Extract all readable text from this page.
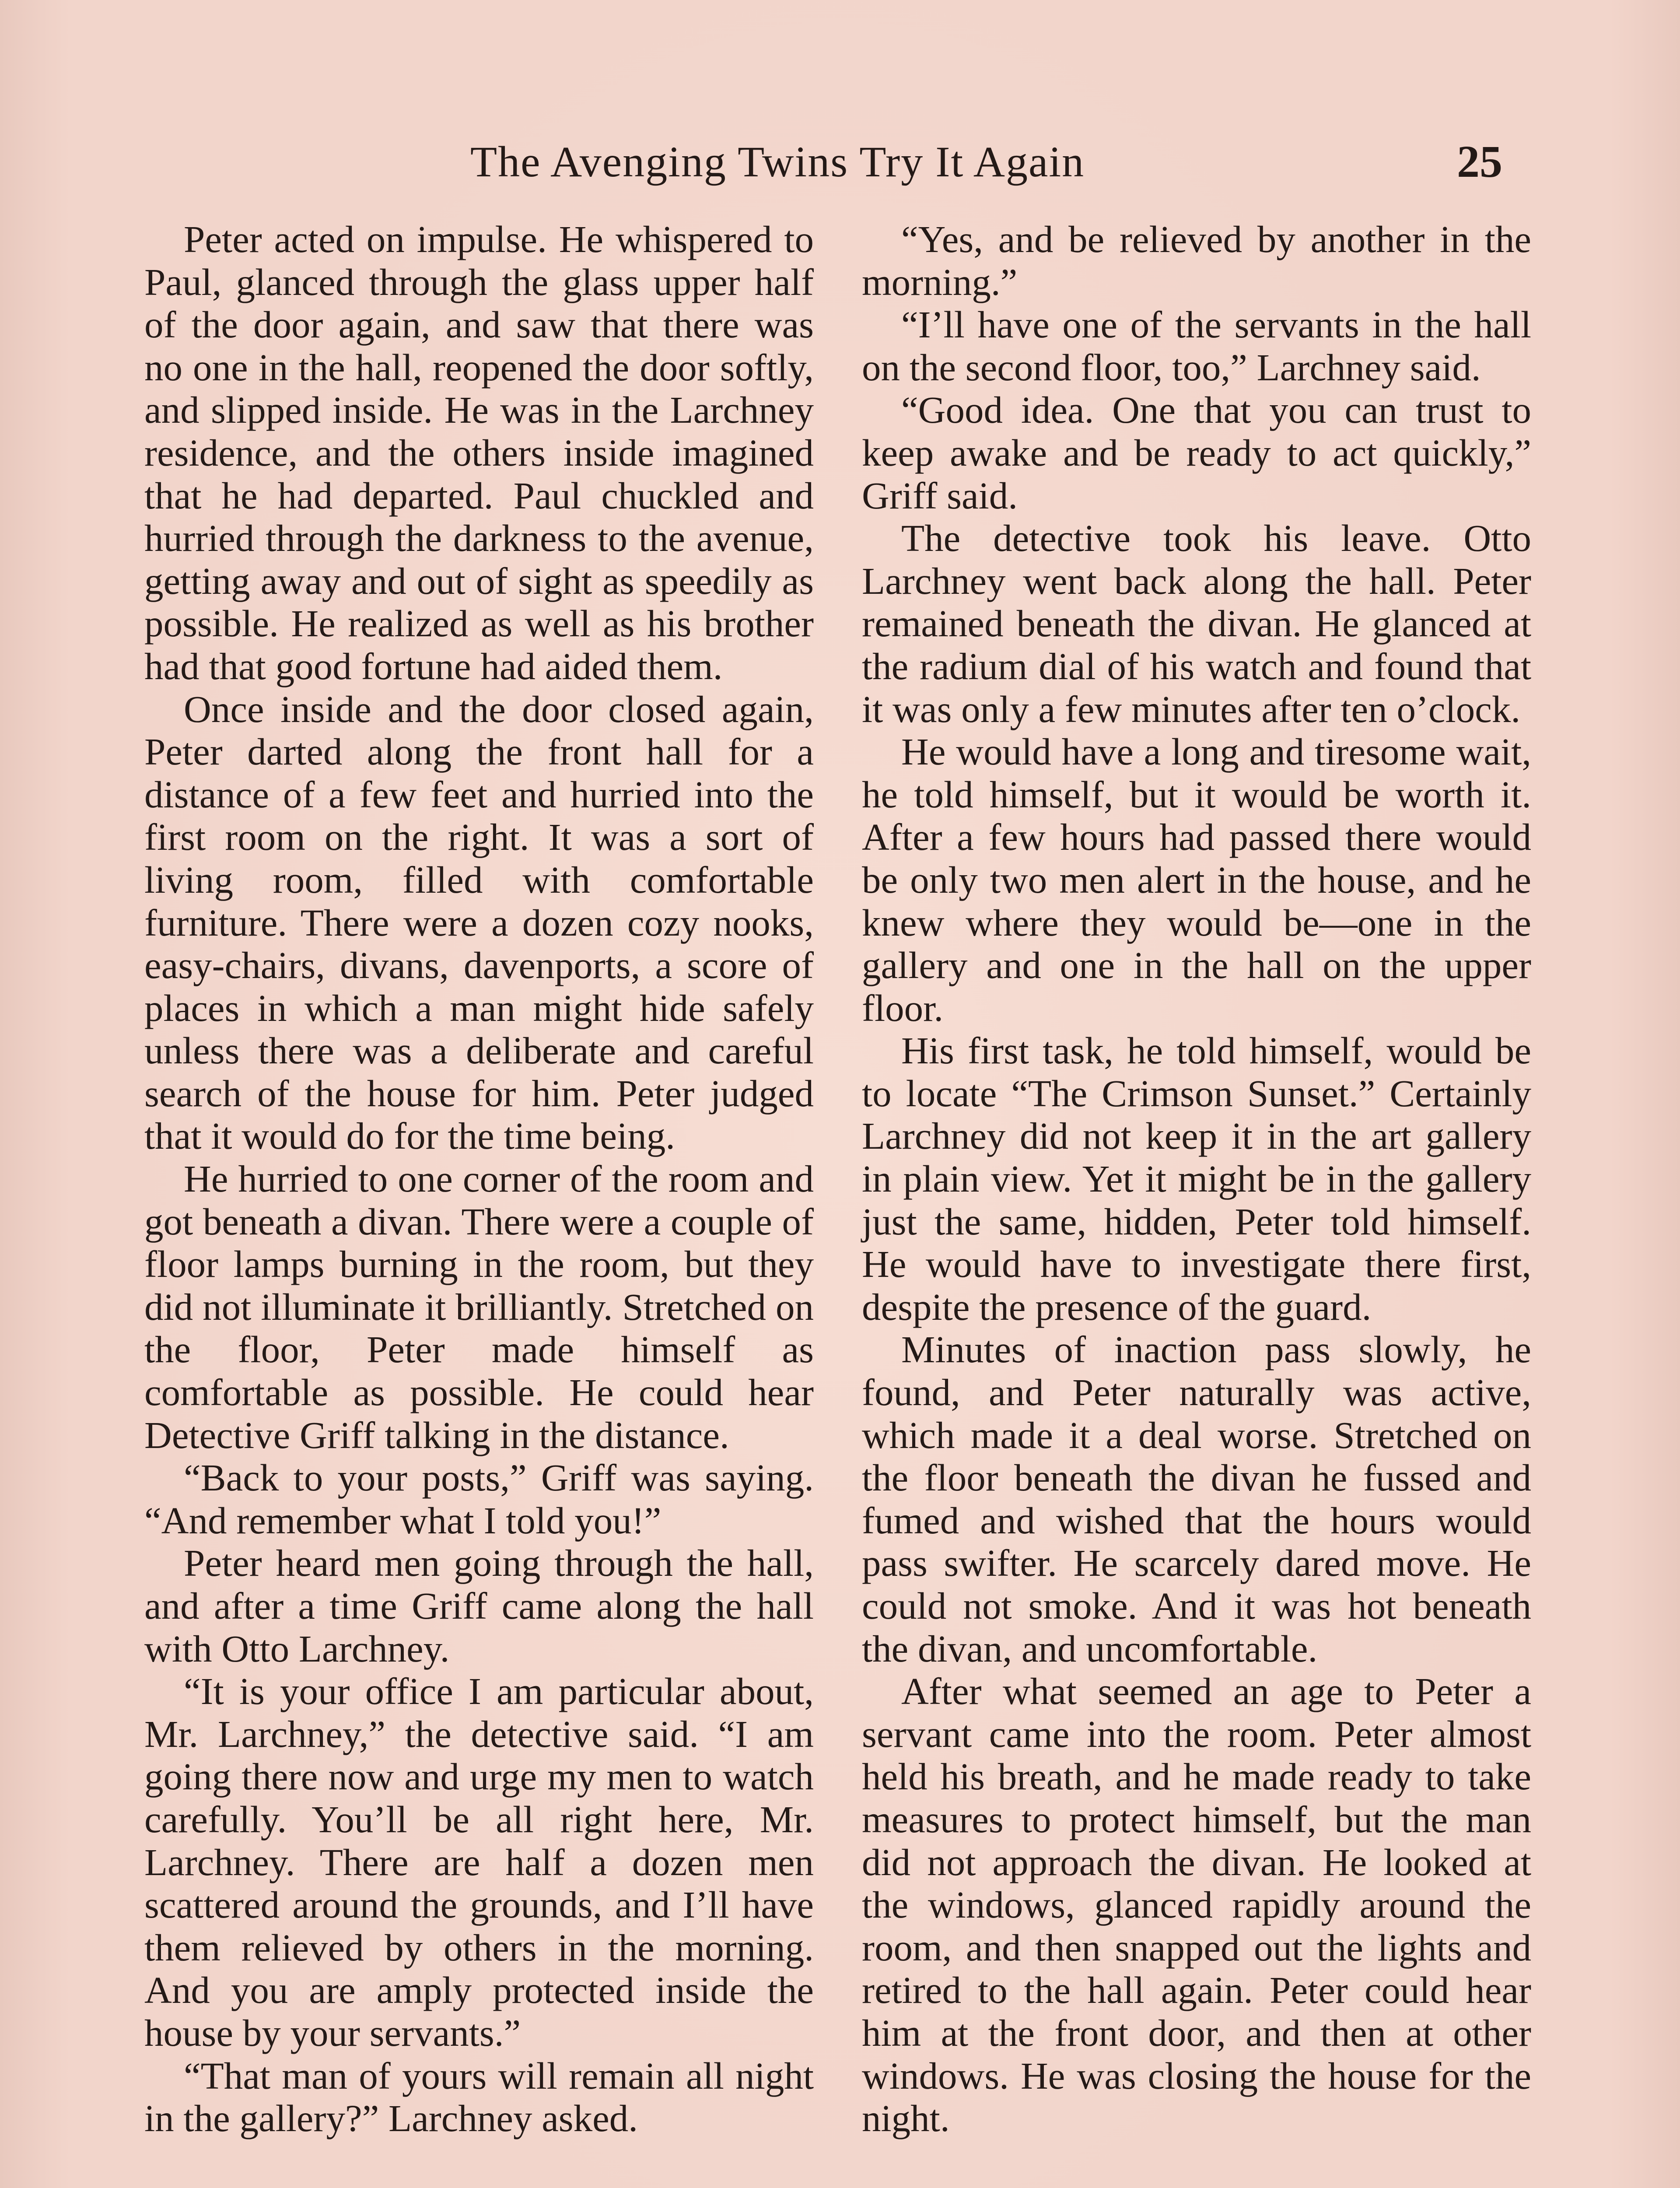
The Avenging Twins Try It Again	25

Peter acted on impulse. He whispered to Paul, glanced through the glass upper half of the door again, and saw that there was no one in the hall, reopened the door softly, and slipped inside. He was in the Larchney residence, and the others inside imagined that he had departed. Paul chuckled and hurried through the darkness to the avenue, getting away and out of sight as speedily as possible. He realized as well as his brother had that good fortune had aided them.

Once inside and the door closed again, Peter darted along the front hall for a distance of a few feet and hurried into the first room on the right. It was a sort of living room, filled with comfortable furniture. There were a dozen cozy nooks, easy-chairs, divans, davenports, a score of places in which a man might hide safely unless there was a deliberate and careful search of the house for him. Peter judged that it would do for the time being.

He hurried to one corner of the room and got beneath a divan. There were a couple of floor lamps burning in the room, but they did not illuminate it brilliantly. Stretched on the floor, Peter made himself as comfortable as possible. He could hear Detective Griff talking in the distance.

“Back to your posts,” Griff was saying. “And remember what I told you!”

Peter heard men going through the hall, and after a time Griff came along the hall with Otto Larchney.

“It is your office I am particular about, Mr. Larchney,” the detective said. “I am going there now and urge my men to watch carefully. You’ll be all right here, Mr. Larchney. There are half a dozen men scattered around the grounds, and I’ll have them relieved by others in the morning. And you are amply protected inside the house by your servants.”

“That man of yours will remain all night in the gallery?” Larchney asked.

“Yes, and be relieved by another in the morning.”

“I’ll have one of the servants in the hall on the second floor, too,” Larchney said.

“Good idea. One that you can trust to keep awake and be ready to act quickly,” Griff said.

The detective took his leave. Otto Larchney went back along the hall. Peter remained beneath the divan. He glanced at the radium dial of his watch and found that it was only a few minutes after ten o’clock.

He would have a long and tiresome wait, he told himself, but it would be worth it. After a few hours had passed there would be only two men alert in the house, and he knew where they would be—one in the gallery and one in the hall on the upper floor.

His first task, he told himself, would be to locate “The Crimson Sunset.” Certainly Larchney did not keep it in the art gallery in plain view. Yet it might be in the gallery just the same, hidden, Peter told himself. He would have to investigate there first, despite the presence of the guard.

Minutes of inaction pass slowly, he found, and Peter naturally was active, which made it a deal worse. Stretched on the floor beneath the divan he fussed and fumed and wished that the hours would pass swifter. He scarcely dared move. He could not smoke. And it was hot beneath the divan, and uncomfortable.

After what seemed an age to Peter a servant came into the room. Peter almost held his breath, and he made ready to take measures to protect himself, but the man did not approach the divan. He looked at the windows, glanced rapidly around the room, and then snapped out the lights and retired to the hall again. Peter could hear him at the front door, and then at other windows. He was closing the house for the night.
